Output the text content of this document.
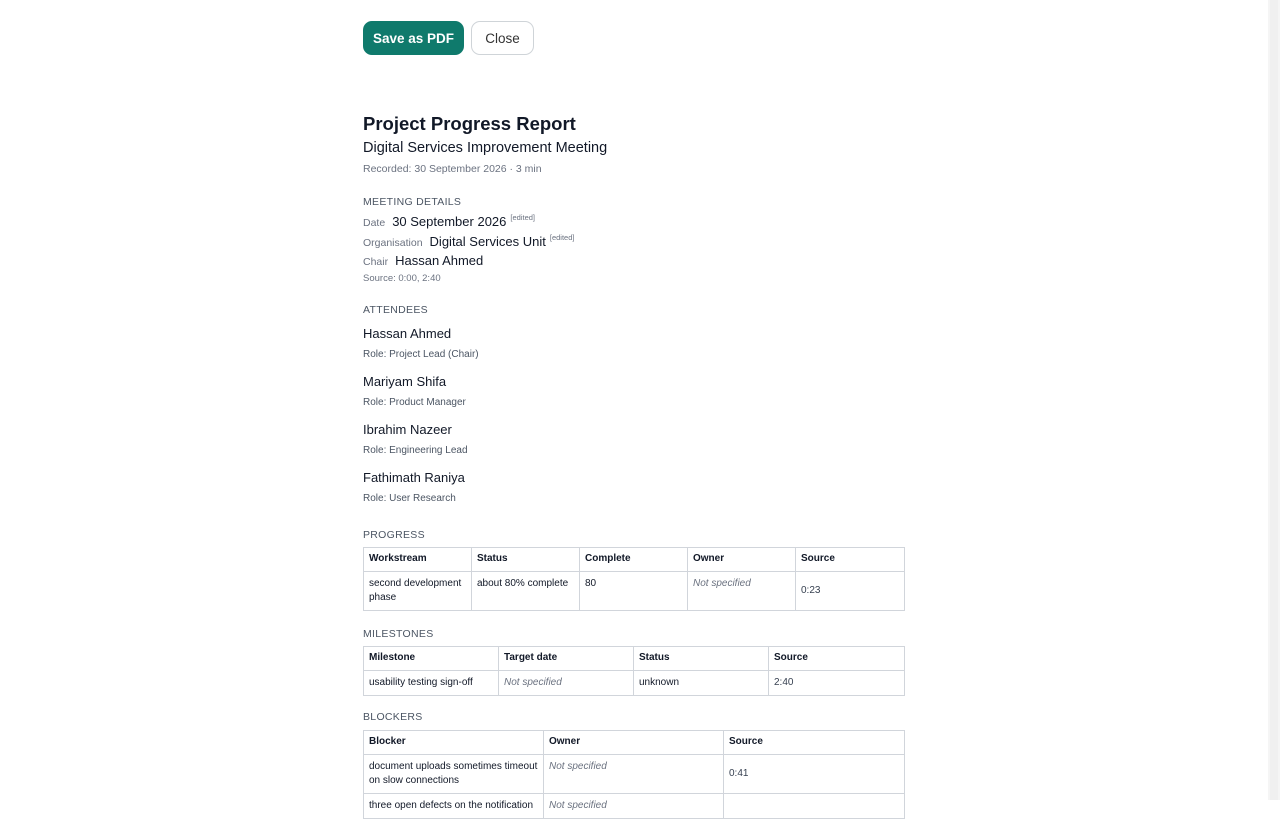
Save as PDF	Close
Project Progress Report
Digital Services Improvement Meeting
Recorded: 30 September 2026 · 3 min
MEETING DETAILS
Date 30 September 2026 [edited]
Organisation Digital Services Unit [edited]
Chair Hassan Ahmed
Source: 0:00, 2:40
ATTENDEES
Hassan Ahmed
Role: Project Lead (Chair)
Mariyam Shifa
Role: Product Manager
Ibrahim Nazeer
Role: Engineering Lead
Fathimath Raniya
Role: User Research
PROGRESS
Workstream	Status	Complete	Owner	Source
second development phase	about 80% complete	80	Not specified	0:23
MILESTONES
Milestone	Target date	Status	Source
usability testing sign-off	Not specified	unknown	2:40
BLOCKERS
Blocker	Owner	Source
document uploads sometimes timeout on slow connections	Not specified	0:41
three open defects on the notification	Not specified	
